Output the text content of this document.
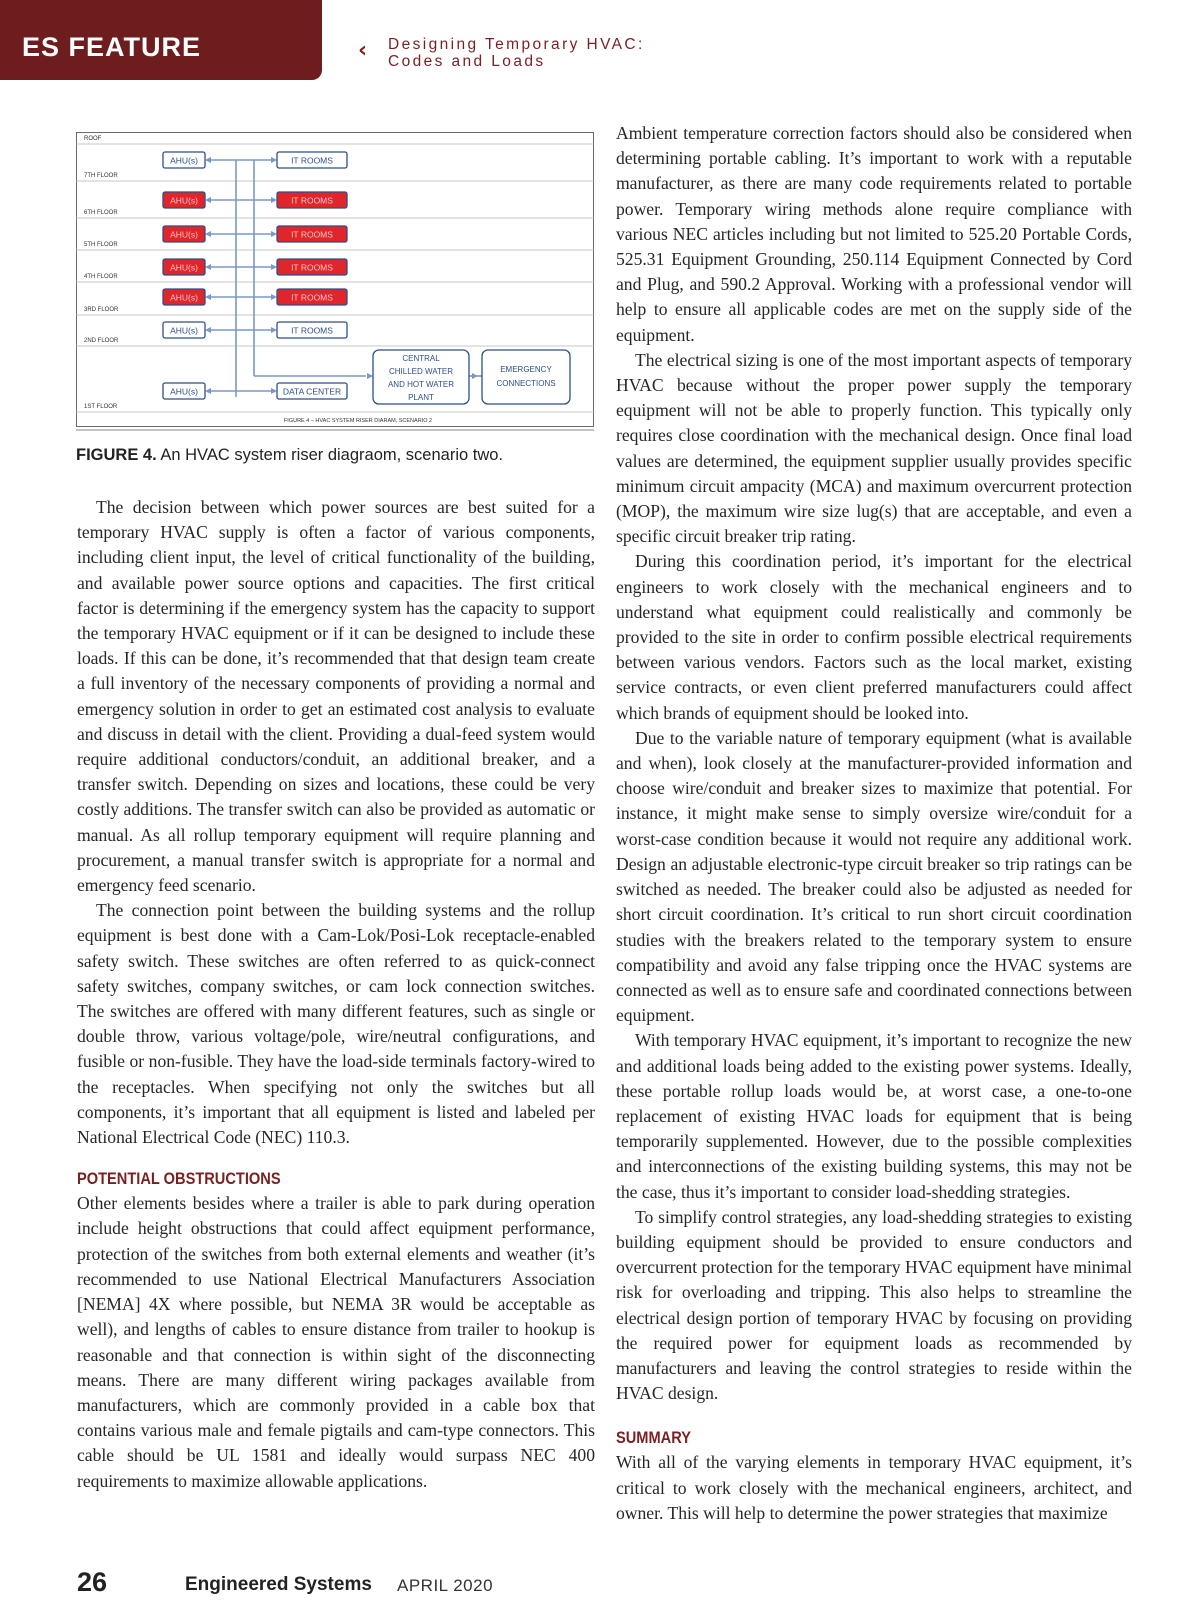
ES FEATURE	‹ Designing Temporary HVAC:
Codes and Loads
ROOF
7TH FLOOR
6TH FLOOR
5TH FLOOR
4TH FLOOR
3RD FLOOR
2ND FLOOR
1ST FLOOR
AHU(s)	IT ROOMS
AHU(s)	IT ROOMS
AHU(s)	IT ROOMS
AHU(s)	IT ROOMS
AHU(s)	IT ROOMS
AHU(s)	IT ROOMS
AHU(s)	DATA CENTER
CENTRAL
CHILLED WATER
AND HOT WATER
PLANT
EMERGENCY
CONNECTIONS
FIGURE 4 – HVAC SYSTEM RISER DIARAM, SCENARIO 2
FIGURE 4. An HVAC system riser diagraom, scenario two.

The decision between which power sources are best suited for a temporary HVAC supply is often a factor of various components, including client input, the level of critical functionality of the building, and available power source options and capacities. The first critical factor is determining if the emergency system has the capacity to support the temporary HVAC equipment or if it can be designed to include these loads. If this can be done, it’s recommended that that design team create a full inventory of the necessary components of providing a normal and emergency solution in order to get an estimated cost analysis to evaluate and discuss in detail with the client. Providing a dual-feed system would require additional conductors/conduit, an additional breaker, and a transfer switch. Depending on sizes and locations, these could be very costly additions. The transfer switch can also be provided as automatic or manual. As all rollup temporary equipment will require planning and procurement, a manual transfer switch is appropriate for a normal and emergency feed scenario.

The connection point between the building systems and the rollup equipment is best done with a Cam-Lok/Posi-Lok receptacle-enabled safety switch. These switches are often referred to as quick-connect safety switches, company switches, or cam lock connection switches. The switches are offered with many different features, such as single or double throw, various voltage/pole, wire/neutral configurations, and fusible or non-fusible. They have the load-side terminals factory-wired to the receptacles. When specifying not only the switches but all components, it’s important that all equipment is listed and labeled per National Electrical Code (NEC) 110.3.

POTENTIAL OBSTRUCTIONS

Other elements besides where a trailer is able to park during operation include height obstructions that could affect equipment performance, protection of the switches from both external elements and weather (it’s recommended to use National Electrical Manufacturers Association [NEMA] 4X where possible, but NEMA 3R would be acceptable as well), and lengths of cables to ensure distance from trailer to hookup is reasonable and that connection is within sight of the disconnecting means. There are many different wiring packages available from manufacturers, which are commonly provided in a cable box that contains various male and female pigtails and cam-type connectors. This cable should be UL 1581 and ideally would surpass NEC 400 requirements to maximize allowable applications.

Ambient temperature correction factors should also be considered when determining portable cabling. It’s important to work with a reputable manufacturer, as there are many code requirements related to portable power. Temporary wiring methods alone require compliance with various NEC articles including but not limited to 525.20 Portable Cords, 525.31 Equipment Grounding, 250.114 Equipment Connected by Cord and Plug, and 590.2 Approval. Working with a professional vendor will help to ensure all applicable codes are met on the supply side of the equipment.

The electrical sizing is one of the most important aspects of temporary HVAC because without the proper power supply the temporary equipment will not be able to properly function. This typically only requires close coordination with the mechanical design. Once final load values are determined, the equipment supplier usually provides specific minimum circuit ampacity (MCA) and maximum overcurrent protection (MOP), the maximum wire size lug(s) that are acceptable, and even a specific circuit breaker trip rating.

During this coordination period, it’s important for the electrical engineers to work closely with the mechanical engineers and to understand what equipment could realistically and commonly be provided to the site in order to confirm possible electrical requirements between various vendors. Factors such as the local market, existing service contracts, or even client preferred manufacturers could affect which brands of equipment should be looked into.

Due to the variable nature of temporary equipment (what is available and when), look closely at the manufacturer-provided information and choose wire/conduit and breaker sizes to maximize that potential. For instance, it might make sense to simply oversize wire/conduit for a worst-case condition because it would not require any additional work. Design an adjustable electronic-type circuit breaker so trip ratings can be switched as needed. The breaker could also be adjusted as needed for short circuit coordination. It’s critical to run short circuit coordination studies with the breakers related to the temporary system to ensure compatibility and avoid any false tripping once the HVAC systems are connected as well as to ensure safe and coordinated connections between equipment.

With temporary HVAC equipment, it’s important to recognize the new and additional loads being added to the existing power systems. Ideally, these portable rollup loads would be, at worst case, a one-to-one replacement of existing HVAC loads for equipment that is being temporarily supplemented. However, due to the possible complexities and interconnections of the existing building systems, this may not be the case, thus it’s important to consider load-shedding strategies.

To simplify control strategies, any load-shedding strategies to existing building equipment should be provided to ensure conductors and overcurrent protection for the temporary HVAC equipment have minimal risk for overloading and tripping. This also helps to streamline the electrical design portion of temporary HVAC by focusing on providing the required power for equipment loads as recommended by manufacturers and leaving the control strategies to reside within the HVAC design.

SUMMARY

With all of the varying elements in temporary HVAC equipment, it’s critical to work closely with the mechanical engineers, architect, and owner. This will help to determine the power strategies that maximize

26	Engineered Systems APRIL 2020
